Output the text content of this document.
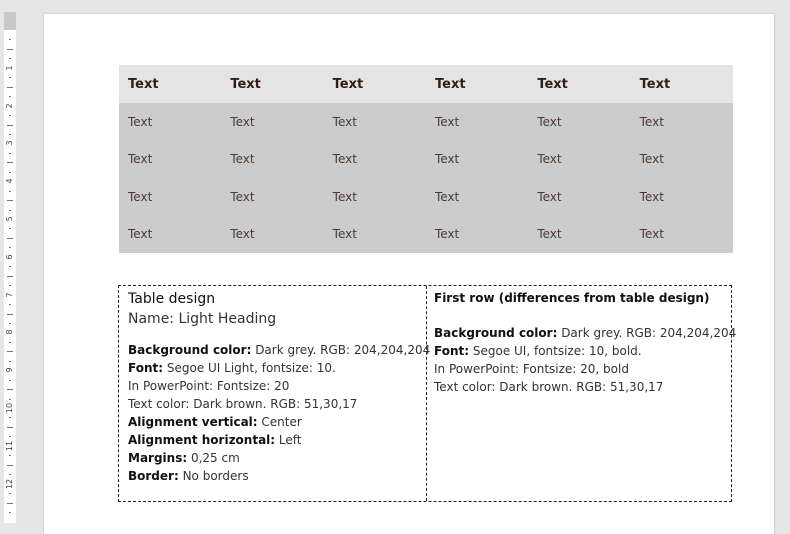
1
2
3
4
5
6
7
8
9
10
11
12
Text	Text	Text	Text	Text	Text
Text	Text	Text	Text	Text	Text
Text	Text	Text	Text	Text	Text
Text	Text	Text	Text	Text	Text
Text	Text	Text	Text	Text	Text

Table design

Name: Light Heading

Background color: Dark grey. RGB: 204,204,204
Font: Segoe UI Light, fontsize: 10.
In PowerPoint: Fontsize: 20
Text color: Dark brown. RGB: 51,30,17
Alignment vertical: Center
Alignment horizontal: Left
Margins: 0,25 cm
Border: No borders

First row (differences from table design)

Background color: Dark grey. RGB: 204,204,204
Font: Segoe UI, fontsize: 10, bold.
In PowerPoint: Fontsize: 20, bold
Text color: Dark brown. RGB: 51,30,17
